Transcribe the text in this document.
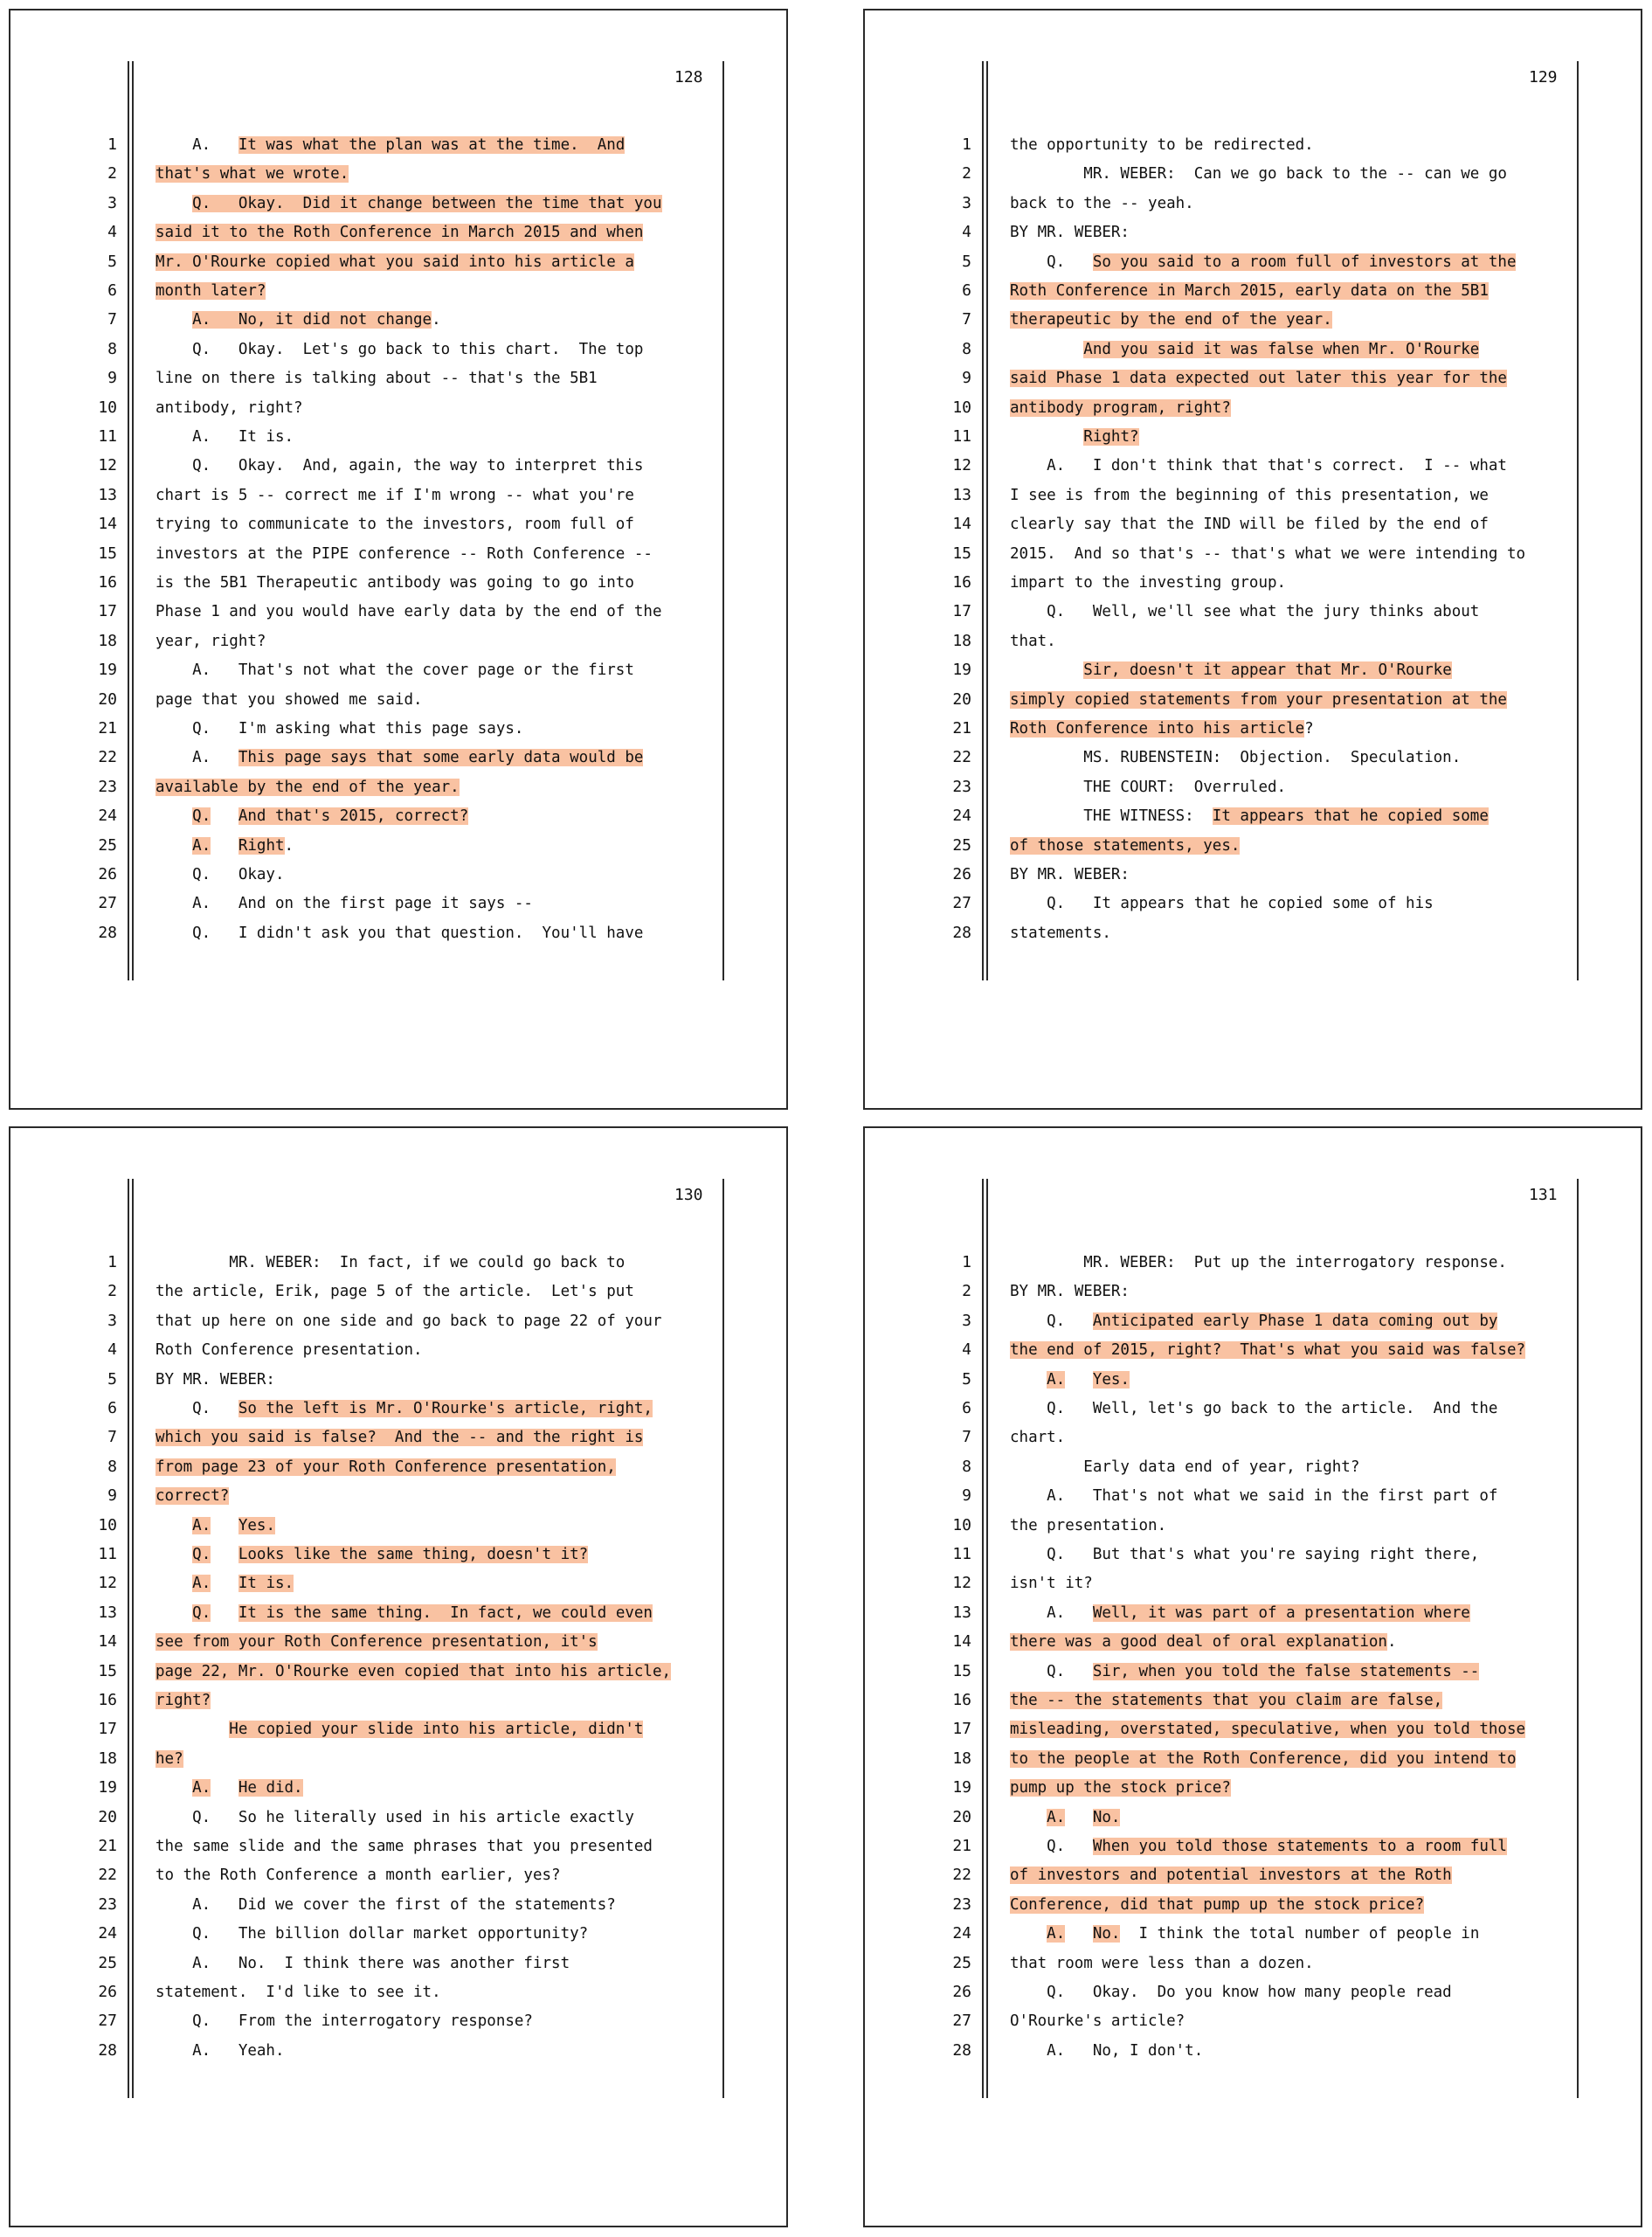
128
1	A.   It was what the plan was at the time.  And
2	that's what we wrote.
3	Q.   Okay.  Did it change between the time that you
4	said it to the Roth Conference in March 2015 and when
5	Mr. O'Rourke copied what you said into his article a
6	month later?
7	A.   No, it did not change.
8	Q.   Okay.  Let's go back to this chart.  The top
9	line on there is talking about -- that's the 5B1
10	antibody, right?
11	A.   It is.
12	Q.   Okay.  And, again, the way to interpret this
13	chart is 5 -- correct me if I'm wrong -- what you're
14	trying to communicate to the investors, room full of
15	investors at the PIPE conference -- Roth Conference --
16	is the 5B1 Therapeutic antibody was going to go into
17	Phase 1 and you would have early data by the end of the
18	year, right?
19	A.   That's not what the cover page or the first
20	page that you showed me said.
21	Q.   I'm asking what this page says.
22	A.   This page says that some early data would be
23	available by the end of the year.
24	Q. And that's 2015, correct?
25	A. Right.
26	Q.   Okay.
27	A.   And on the first page it says --
28	Q.   I didn't ask you that question.  You'll have
129
1	the opportunity to be redirected.
2	MR. WEBER:  Can we go back to the -- can we go
3	back to the -- yeah.
4	BY MR. WEBER:
5	Q.   So you said to a room full of investors at the
6	Roth Conference in March 2015, early data on the 5B1
7	therapeutic by the end of the year.
8	And you said it was false when Mr. O'Rourke
9	said Phase 1 data expected out later this year for the
10	antibody program, right?
11	Right?
12	A.   I don't think that that's correct.  I -- what
13	I see is from the beginning of this presentation, we
14	clearly say that the IND will be filed by the end of
15	2015.  And so that's -- that's what we were intending to
16	impart to the investing group.
17	Q.   Well, we'll see what the jury thinks about
18	that.
19	Sir, doesn't it appear that Mr. O'Rourke
20	simply copied statements from your presentation at the
21	Roth Conference into his article?
22	MS. RUBENSTEIN:  Objection.  Speculation.
23	THE COURT:  Overruled.
24	THE WITNESS:  It appears that he copied some
25	of those statements, yes.
26	BY MR. WEBER:
27	Q.   It appears that he copied some of his
28	statements.
130
1	MR. WEBER:  In fact, if we could go back to
2	the article, Erik, page 5 of the article.  Let's put
3	that up here on one side and go back to page 22 of your
4	Roth Conference presentation.
5	BY MR. WEBER:
6	Q.   So the left is Mr. O'Rourke's article, right,
7	which you said is false?  And the -- and the right is
8	from page 23 of your Roth Conference presentation,
9	correct?
10	A. Yes.
11	Q. Looks like the same thing, doesn't it?
12	A. It is.
13	Q. It is the same thing.  In fact, we could even
14	see from your Roth Conference presentation, it's
15	page 22, Mr. O'Rourke even copied that into his article,
16	right?
17	He copied your slide into his article, didn't
18	he?
19	A. He did.
20	Q.   So he literally used in his article exactly
21	the same slide and the same phrases that you presented
22	to the Roth Conference a month earlier, yes?
23	A.   Did we cover the first of the statements?
24	Q.   The billion dollar market opportunity?
25	A.   No.  I think there was another first
26	statement.  I'd like to see it.
27	Q.   From the interrogatory response?
28	A.   Yeah.
131
1	MR. WEBER:  Put up the interrogatory response.
2	BY MR. WEBER:
3	Q.   Anticipated early Phase 1 data coming out by
4	the end of 2015, right?  That's what you said was false?
5	A. Yes.
6	Q.   Well, let's go back to the article.  And the
7	chart.
8	Early data end of year, right?
9	A.   That's not what we said in the first part of
10	the presentation.
11	Q.   But that's what you're saying right there,
12	isn't it?
13	A.   Well, it was part of a presentation where
14	there was a good deal of oral explanation.
15	Q.   Sir, when you told the false statements --
16	the -- the statements that you claim are false,
17	misleading, overstated, speculative, when you told those
18	to the people at the Roth Conference, did you intend to
19	pump up the stock price?
20	A. No.
21	Q.   When you told those statements to a room full
22	of investors and potential investors at the Roth
23	Conference, did that pump up the stock price?
24	A. No.  I think the total number of people in
25	that room were less than a dozen.
26	Q.   Okay.  Do you know how many people read
27	O'Rourke's article?
28	A.   No, I don't.
